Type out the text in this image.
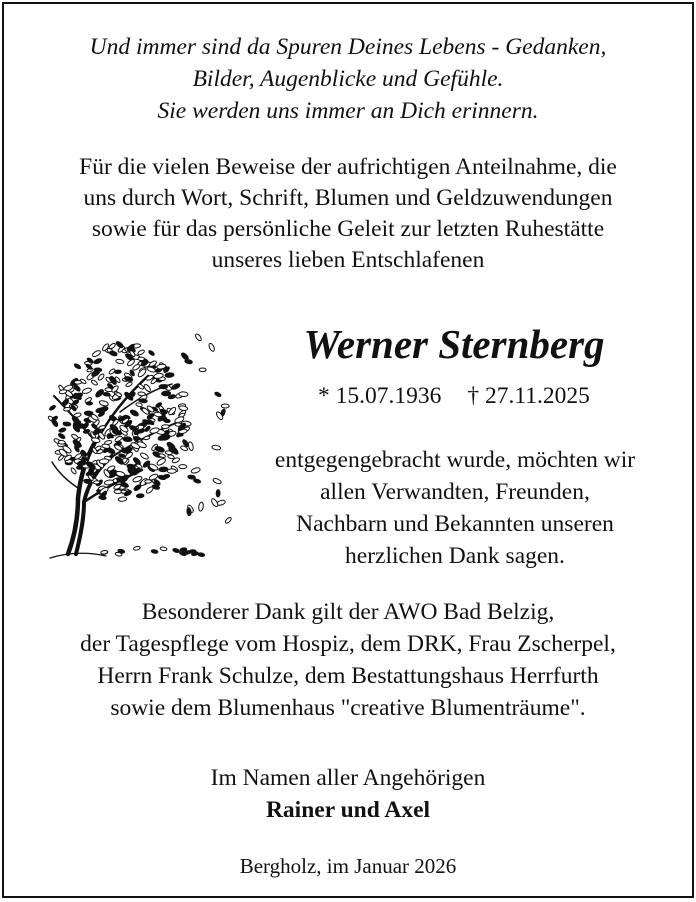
Und immer sind da Spuren Deines Lebens - Gedanken,
Bilder, Augenblicke und Gefühle.
Sie werden uns immer an Dich erinnern.
Für die vielen Beweise der aufrichtigen Anteilnahme, die
uns durch Wort, Schrift, Blumen und Geldzuwendungen
sowie für das persönliche Geleit zur letzten Ruhestätte
unseres lieben Entschlafenen
Werner Sternberg
* 15.07.1936 † 27.11.2025
entgegengebracht wurde, möchten wir
allen Verwandten, Freunden,
Nachbarn und Bekannten unseren
herzlichen Dank sagen.
Besonderer Dank gilt der AWO Bad Belzig,
der Tagespflege vom Hospiz, dem DRK, Frau Zscherpel,
Herrn Frank Schulze, dem Bestattungshaus Herrfurth
sowie dem Blumenhaus "creative Blumenträume".
Im Namen aller Angehörigen
Rainer und Axel
Bergholz, im Januar 2026
